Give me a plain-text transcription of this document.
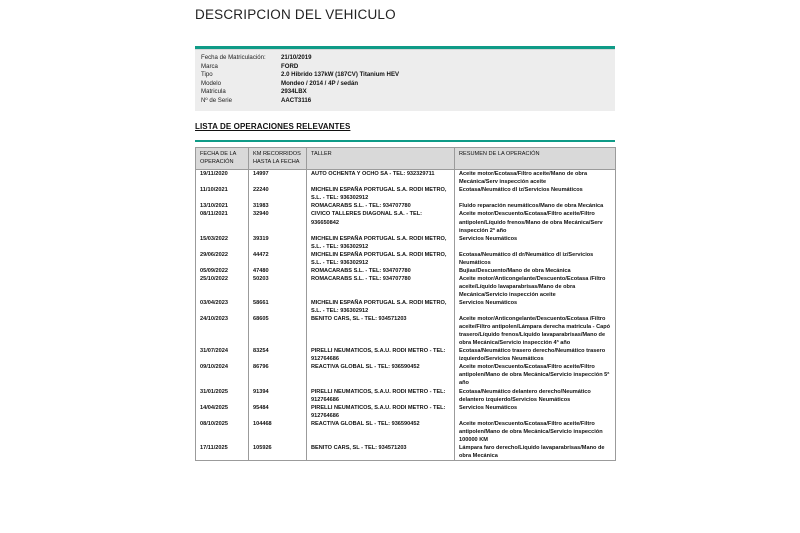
DESCRIPCION DEL VEHICULO
Fecha de Matriculación:	21/10/2019
Marca	FORD
Tipo	2.0 Hibrido 137kW (187CV) Titanium HEV
Modelo	Mondeo / 2014 / 4P / sedán
Matricula	2934LBX
Nº de Serie	AACT3116
LISTA DE OPERACIONES RELEVANTES
FECHA DE LA OPERACIÓN	KM RECORRIDOS HASTA LA FECHA	TALLER	RESUMEN DE LA OPERACIÓN
19/11/2020	14997	AUTO OCHENTA Y OCHO SA - TEL: 932329711	Aceite motor/Ecotasa/Filtro aceite/Mano de obra Mecánica/Serv inspección aceite
11/10/2021	22240	MICHELIN ESPAÑA PORTUGAL S.A. RODI METRO, S.L. - TEL: 936302912	Ecotasa/Neumático dl iz/Servicios Neumáticos
13/10/2021	31983	ROMACARABS S.L. - TEL: 934707780	Fluido reparación neumáticos/Mano de obra Mecánica
08/11/2021	32940	CIVICO TALLERES DIAGONAL S.A. - TEL: 936650842	Aceite motor/Descuento/Ecotasa/Filtro aceite/Filtro antipolen/Líquido frenos/Mano de obra Mecánica/Serv inspección 2ª año
15/03/2022	39319	MICHELIN ESPAÑA PORTUGAL S.A. RODI METRO, S.L. - TEL: 936302912	Servicios Neumáticos
29/06/2022	44472	MICHELIN ESPAÑA PORTUGAL S.A. RODI METRO, S.L. - TEL: 936302912	Ecotasa/Neumático dl dr/Neumático dl iz/Servicios Neumáticos
05/09/2022	47480	ROMACARABS S.L. - TEL: 934707780	Bujias/Descuento/Mano de obra Mecánica
25/10/2022	50203	ROMACARABS S.L. - TEL: 934707780	Aceite motor/Anticongelante/Descuento/Ecotasa /Filtro aceite/Líquido lavaparabrisas/Mano de obra Mecánica/Servicio inspección aceite
03/04/2023	58661	MICHELIN ESPAÑA PORTUGAL S.A. RODI METRO, S.L. - TEL: 936302912	Servicios Neumáticos
24/10/2023	68605	BENITO CARS, SL - TEL: 934571203	Aceite motor/Anticongelante/Descuento/Ecotasa /Filtro aceite/Filtro antipolen/Lámpara derecha matricula - Capó trasero/Líquido frenos/Líquido lavaparabrisas/Mano de obra Mecánica/Servicio inspección 4ª año
31/07/2024	83254	PIRELLI NEUMATICOS, S.A.U. RODI METRO - TEL: 912764686	Ecotasa/Neumático trasero derecho/Neumático trasero izquierdo/Servicios Neumáticos
09/10/2024	86796	REACTIVA GLOBAL SL - TEL: 936590452	Aceite motor/Descuento/Ecotasa/Filtro aceite/Filtro antipolen/Mano de obra Mecánica/Servicio inspección 5ª año
31/01/2025	91394	PIRELLI NEUMATICOS, S.A.U. RODI METRO - TEL: 912764686	Ecotasa/Neumático delantero derecho/Neumático delantero izquierdo/Servicios Neumáticos
14/04/2025	95484	PIRELLI NEUMATICOS, S.A.U. RODI METRO - TEL: 912764686	Servicios Neumáticos
08/10/2025	104468	REACTIVA GLOBAL SL - TEL: 936590452	Aceite motor/Descuento/Ecotasa/Filtro aceite/Filtro antipolen/Mano de obra Mecánica/Servicio inspección 100000 KM
17/11/2025	105926	BENITO CARS, SL - TEL: 934571203	Lámpara faro derecho/Liquido lavaparabrisas/Mano de obra Mecánica
